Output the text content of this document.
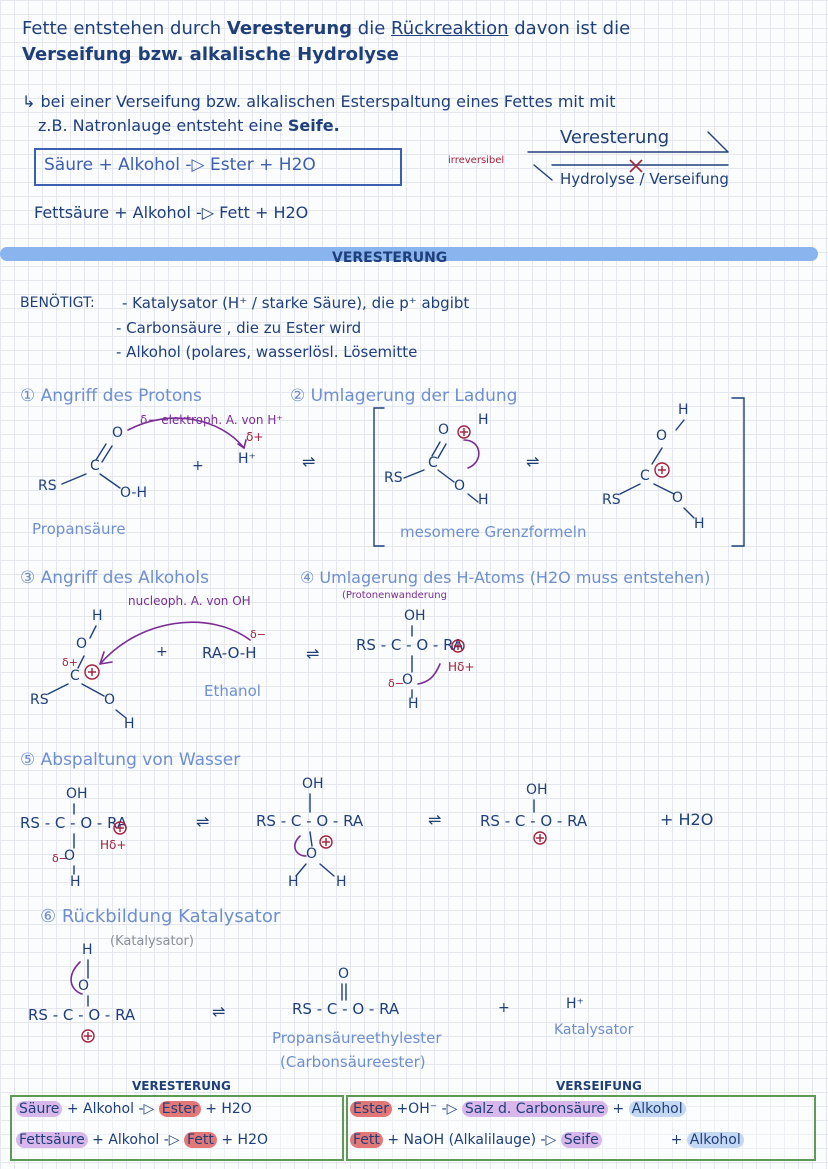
Fette entstehen durch Veresterung die Rückreaktion davon ist die
Verseifung bzw. alkalische Hydrolyse
↳ bei einer Verseifung bzw. alkalischen Esterspaltung eines Fettes mit mit
z.B. Natronlauge entsteht eine Seife.
Säure + Alkohol -▷ Ester + H2O
Fettsäure + Alkohol -▷ Fett + H2O
irreversibel
Veresterung
Hydrolyse / Verseifung
VERESTERUNG
BENÖTIGT: - Katalysator (H⁺ / starke Säure), die p⁺ abgibt
- Carbonsäure , die zu Ester wird
- Alkohol (polares, wasserlösl. Lösemitte
① Angriff des Protons	② Umlagerung der Ladung
③ Angriff des Alkohols	④ Umlagerung des H-Atoms (H2O muss entstehen)
(Protonenwanderung
⑤ Abspaltung von Wasser
⑥ Rückbildung Katalysator
(Katalysator)
δ− elektroph. A. von H⁺
O
C
RS	O-H
+
δ+
H⁺	⇌
Propansäure
O
H
C
RS	O
H
⇌
H
O
C
RS	O
H
mesomere Grenzformeln
nucleoph. A. von OH
H
O
δ+
C
RS	O
H
+
δ−
RA-O-H	⇌
Ethanol
OH
RS - C - O - RA
Hδ+
δ−
O
H
OH
RS - C - O - RA
Hδ+
δ−
O
H
⇌
OH
RS - C - O - RA
O
H	H
⇌
OH
RS - C - O - RA	+ H2O
H
O
RS - C - O - RA	⇌
O
RS - C - O - RA
Propansäureethylester
(Carbonsäureester)
+	H⁺
Katalysator
VERESTERUNG	VERSEIFUNG
Säure + Alkohol -▷ Ester + H2O
Fettsäure + Alkohol -▷ Fett + H2O
Ester +OH⁻ -▷ Salz d. Carbonsäure + Alkohol
Fett + NaOH (Alkalilauge) -▷ Seife	+ Alkohol
